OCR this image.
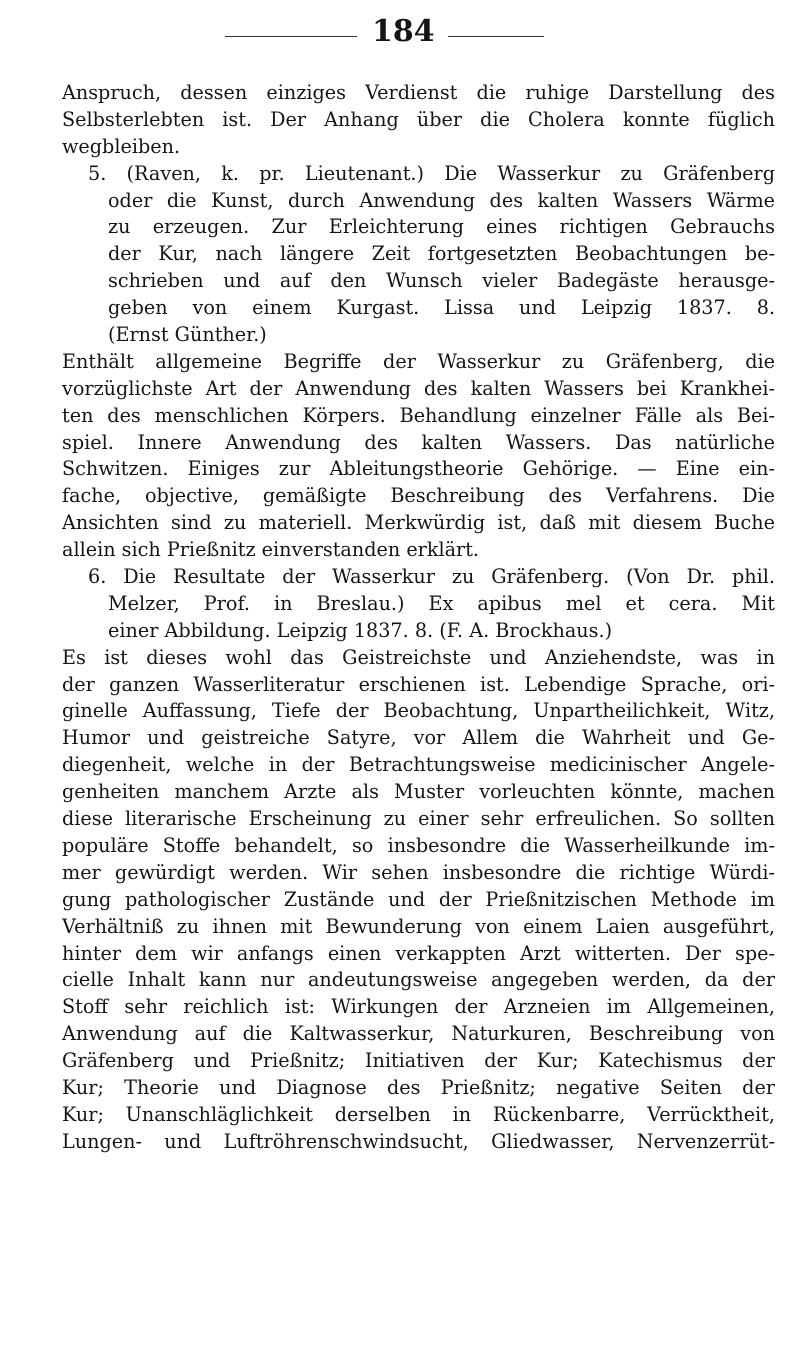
184
Anspruch, dessen einziges Verdienst die ruhige Darstellung des
Selbsterlebten ist. Der Anhang über die Cholera konnte füglich
wegbleiben.
5. (Raven, k. pr. Lieutenant.) Die Wasserkur zu Gräfenberg
oder die Kunst, durch Anwendung des kalten Wassers Wärme
zu erzeugen. Zur Erleichterung eines richtigen Gebrauchs
der Kur, nach längere Zeit fortgesetzten Beobachtungen be-
schrieben und auf den Wunsch vieler Badegäste herausge-
geben von einem Kurgast. Lissa und Leipzig 1837. 8.
(Ernst Günther.)
Enthält allgemeine Begriffe der Wasserkur zu Gräfenberg, die
vorzüglichste Art der Anwendung des kalten Wassers bei Krankhei-
ten des menschlichen Körpers. Behandlung einzelner Fälle als Bei-
spiel. Innere Anwendung des kalten Wassers. Das natürliche
Schwitzen. Einiges zur Ableitungstheorie Gehörige. — Eine ein-
fache, objective, gemäßigte Beschreibung des Verfahrens. Die
Ansichten sind zu materiell. Merkwürdig ist, daß mit diesem Buche
allein sich Prießnitz einverstanden erklärt.
6. Die Resultate der Wasserkur zu Gräfenberg. (Von Dr. phil.
Melzer, Prof. in Breslau.) Ex apibus mel et cera. Mit
einer Abbildung. Leipzig 1837. 8. (F. A. Brockhaus.)
Es ist dieses wohl das Geistreichste und Anziehendste, was in
der ganzen Wasserliteratur erschienen ist. Lebendige Sprache, ori-
ginelle Auffassung, Tiefe der Beobachtung, Unpartheilichkeit, Witz,
Humor und geistreiche Satyre, vor Allem die Wahrheit und Ge-
diegenheit, welche in der Betrachtungsweise medicinischer Angele-
genheiten manchem Arzte als Muster vorleuchten könnte, machen
diese literarische Erscheinung zu einer sehr erfreulichen. So sollten
populäre Stoffe behandelt, so insbesondre die Wasserheilkunde im-
mer gewürdigt werden. Wir sehen insbesondre die richtige Würdi-
gung pathologischer Zustände und der Prießnitzischen Methode im
Verhältniß zu ihnen mit Bewunderung von einem Laien ausgeführt,
hinter dem wir anfangs einen verkappten Arzt witterten. Der spe-
cielle Inhalt kann nur andeutungsweise angegeben werden, da der
Stoff sehr reichlich ist: Wirkungen der Arzneien im Allgemeinen,
Anwendung auf die Kaltwasserkur, Naturkuren, Beschreibung von
Gräfenberg und Prießnitz; Initiativen der Kur; Katechismus der
Kur; Theorie und Diagnose des Prießnitz; negative Seiten der
Kur; Unanschläglichkeit derselben in Rückenbarre, Verrücktheit,
Lungen- und Luftröhrenschwindsucht, Gliedwasser, Nervenzerrüt-
